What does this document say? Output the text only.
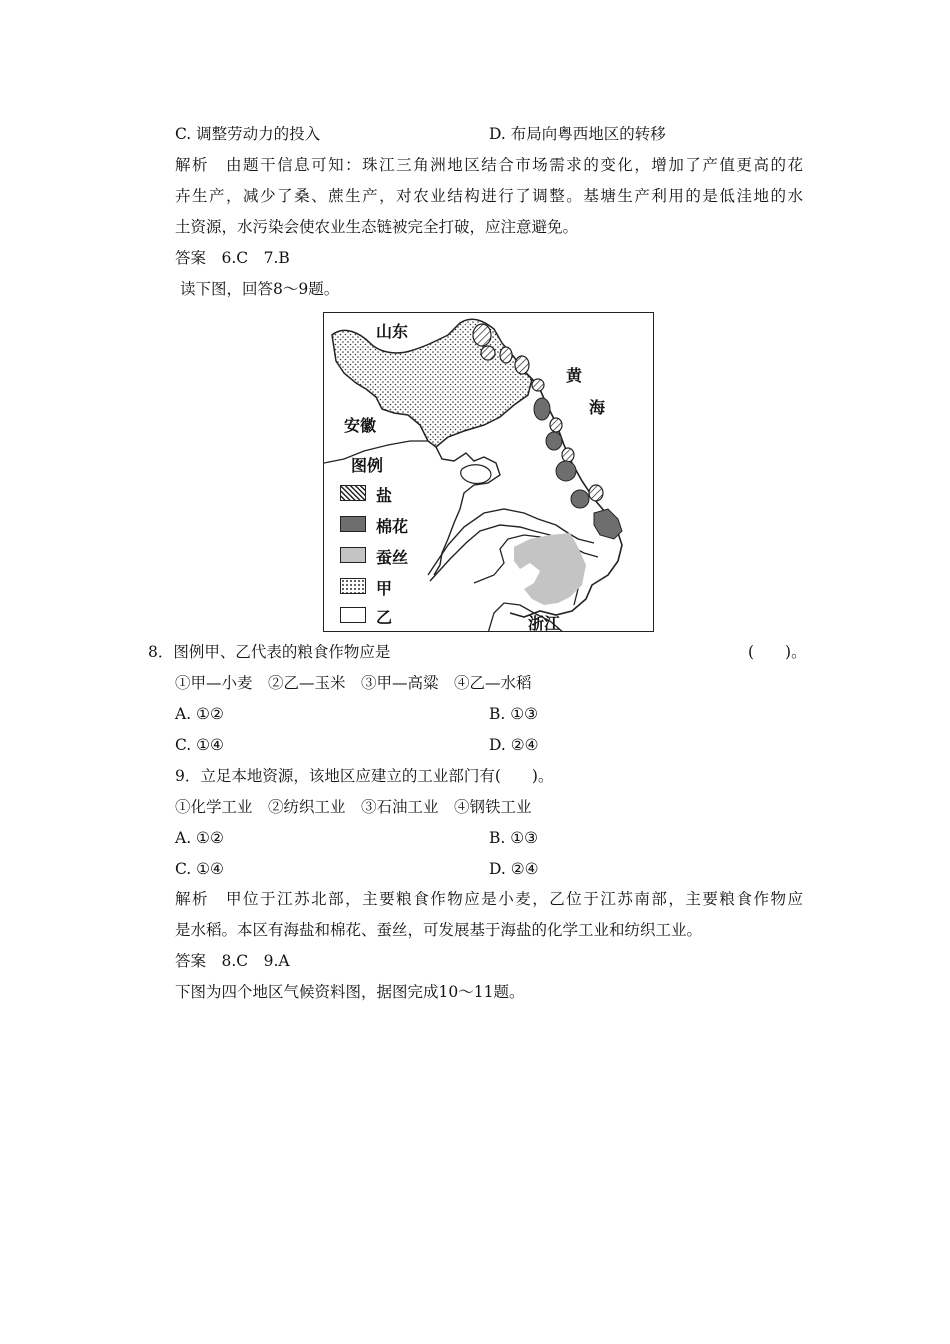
C. 调整劳动力的投入	D. 布局向粤西地区的转移
解析　由题干信息可知：珠江三角洲地区结合市场需求的变化，增加了产值更高的花
卉生产，减少了桑、蔗生产，对农业结构进行了调整。基塘生产利用的是低洼地的水
土资源，水污染会使农业生态链被完全打破，应注意避免。
答案　6.C　7.B
读下图，回答8～9题。
山东
黄
海
安徽
浙江
图例
盐
棉花
蚕丝
甲
乙
8．图例甲、乙代表的粮食作物应是	(　　)。
①甲—小麦　②乙—玉米　③甲—高粱　④乙—水稻
A. ①②	B. ①③
C. ①④	D. ②④
9．立足本地资源，该地区应建立的工业部门有(　　)。
①化学工业　②纺织工业　③石油工业　④钢铁工业
A. ①②	B. ①③
C. ①④	D. ②④
解析　甲位于江苏北部，主要粮食作物应是小麦，乙位于江苏南部，主要粮食作物应
是水稻。本区有海盐和棉花、蚕丝，可发展基于海盐的化学工业和纺织工业。
答案　8.C　9.A
下图为四个地区气候资料图，据图完成10～11题。
